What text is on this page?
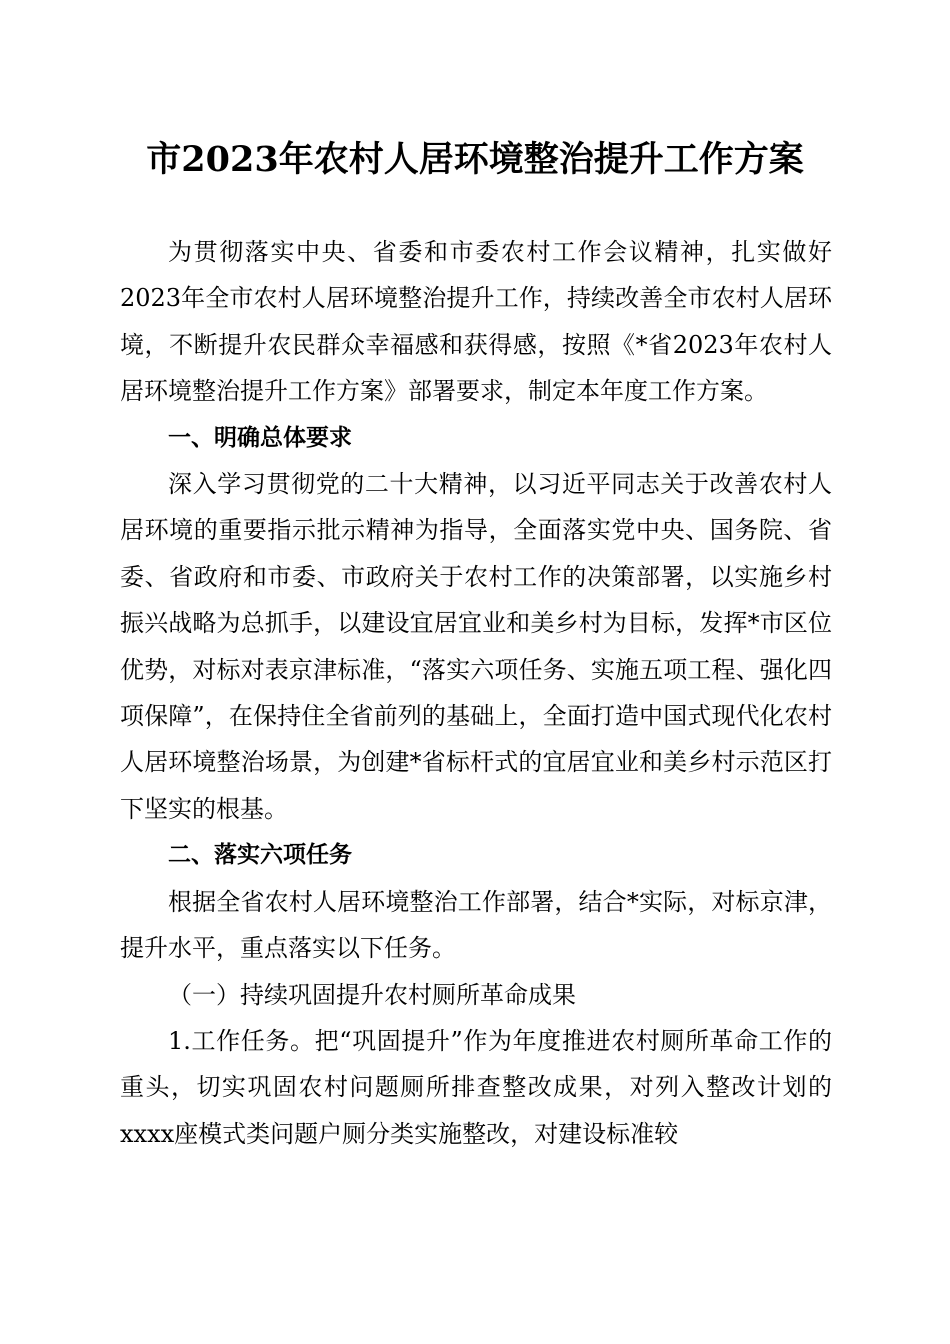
市2023年农村人居环境整治提升工作方案

为贯彻落实中央、省委和市委农村工作会议精神，扎实做好2023年全市农村人居环境整治提升工作，持续改善全市农村人居环境，不断提升农民群众幸福感和获得感，按照《*省2023年农村人居环境整治提升工作方案》部署要求，制定本年度工作方案。

一、明确总体要求

深入学习贯彻党的二十大精神，以习近平同志关于改善农村人居环境的重要指示批示精神为指导，全面落实党中央、国务院、省委、省政府和市委、市政府关于农村工作的决策部署，以实施乡村振兴战略为总抓手，以建设宜居宜业和美乡村为目标，发挥*市区位优势，对标对表京津标准，“落实六项任务、实施五项工程、强化四项保障”，在保持住全省前列的基础上，全面打造中国式现代化农村人居环境整治场景，为创建*省标杆式的宜居宜业和美乡村示范区打下坚实的根基。

二、落实六项任务

根据全省农村人居环境整治工作部署，结合*实际，对标京津，提升水平，重点落实以下任务。

（一）持续巩固提升农村厕所革命成果

1.工作任务。把“巩固提升”作为年度推进农村厕所革命工作的重头，切实巩固农村问题厕所排查整改成果，对列入整改计划的xxxx座模式类问题户厕分类实施整改，对建设标准较
